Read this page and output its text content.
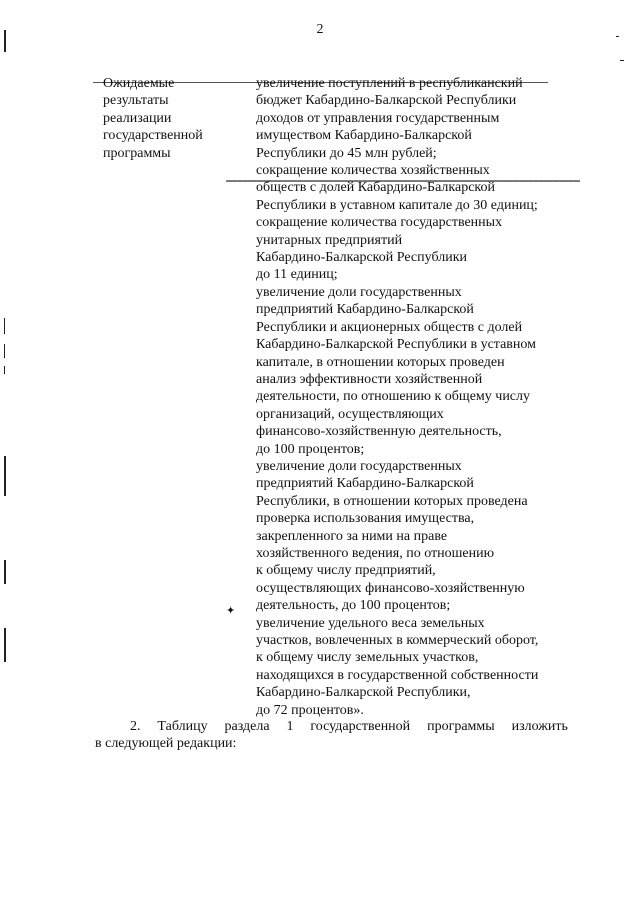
2
Ожидаемые
результаты
реализации
государственной
программы
увеличение поступлений в республиканский
бюджет Кабардино-Балкарской Республики
доходов от управления государственным
имуществом Кабардино-Балкарской
Республики до 45 млн рублей;
сокращение количества хозяйственных
обществ с долей Кабардино-Балкарской
Республики в уставном капитале до 30 единиц;
сокращение количества государственных
унитарных предприятий
Кабардино-Балкарской Республики
до 11 единиц;
увеличение доли государственных
предприятий Кабардино-Балкарской
Республики и акционерных обществ с долей
Кабардино-Балкарской Республики в уставном
капитале, в отношении которых проведен
анализ эффективности хозяйственной
деятельности, по отношению к общему числу
организаций, осуществляющих
финансово-хозяйственную деятельность,
до 100 процентов;
увеличение доли государственных
предприятий Кабардино-Балкарской
Республики, в отношении которых проведена
проверка использования имущества,
закрепленного за ними на праве
хозяйственного ведения, по отношению
к общему числу предприятий,
осуществляющих финансово-хозяйственную
деятельность, до 100 процентов;
увеличение удельного веса земельных
участков, вовлеченных в коммерческий оборот,
к общему числу земельных участков,
находящихся в государственной собственности
Кабардино-Балкарской Республики,
до 72 процентов».
✦
2. Таблицу раздела 1 государственной программы изложить
в следующей редакции:
